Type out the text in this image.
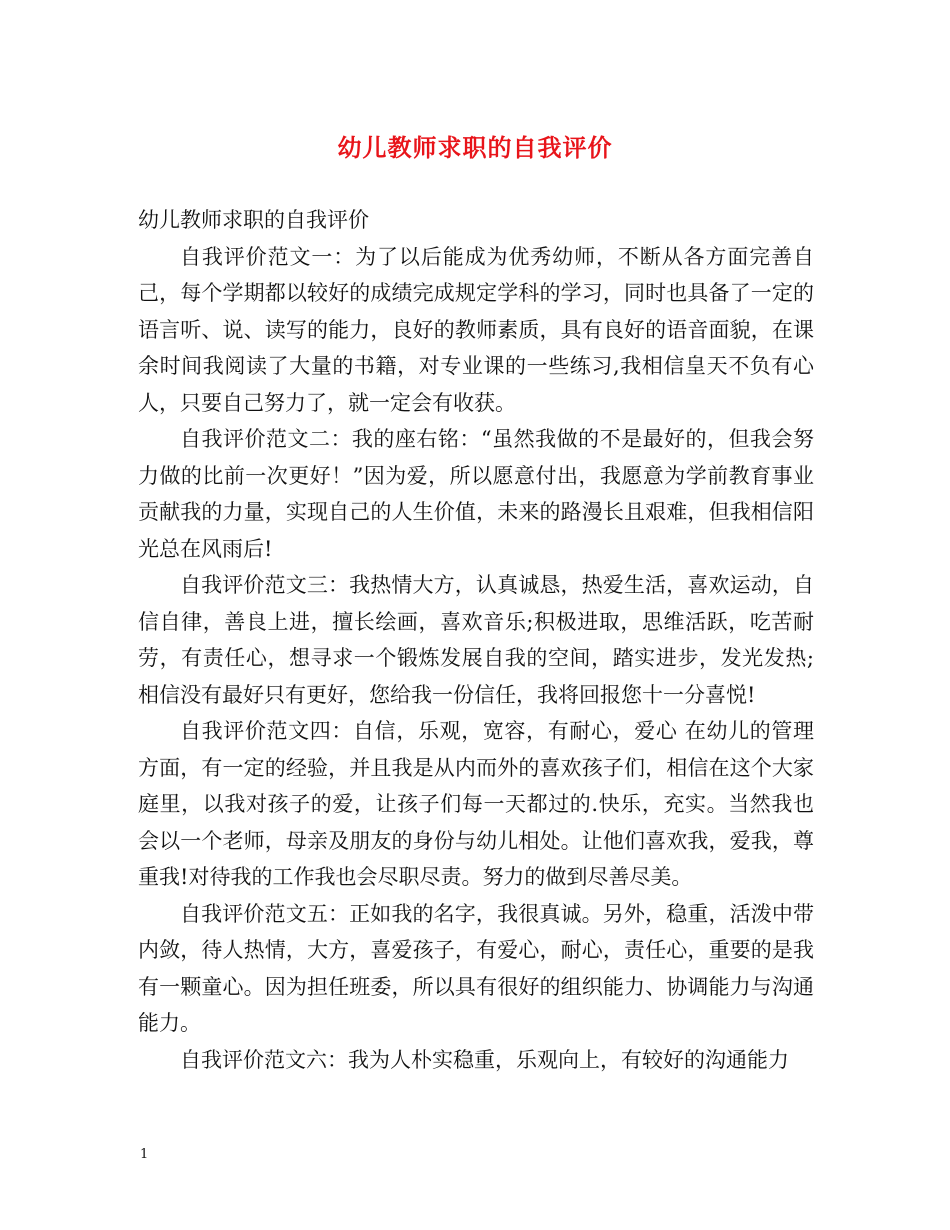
幼儿教师求职的自我评价

幼儿教师求职的自我评价

自我评价范文一：为了以后能成为优秀幼师，不断从各方面完善自己，每个学期都以较好的成绩完成规定学科的学习，同时也具备了一定的语言听、说、读写的能力，良好的教师素质，具有良好的语音面貌，在课余时间我阅读了大量的书籍，对专业课的一些练习,我相信皇天不负有心人，只要自己努力了，就一定会有收获。

自我评价范文二：我的座右铭：“虽然我做的不是最好的，但我会努力做的比前一次更好！”因为爱，所以愿意付出，我愿意为学前教育事业贡献我的力量，实现自己的人生价值，未来的路漫长且艰难，但我相信阳光总在风雨后!

自我评价范文三：我热情大方，认真诚恳，热爱生活，喜欢运动，自信自律，善良上进，擅长绘画，喜欢音乐;积极进取，思维活跃，吃苦耐劳，有责任心，想寻求一个锻炼发展自我的空间，踏实进步，发光发热;相信没有最好只有更好，您给我一份信任，我将回报您十一分喜悦!

自我评价范文四：自信，乐观，宽容，有耐心，爱心 在幼儿的管理方面，有一定的经验，并且我是从内而外的喜欢孩子们，相信在这个大家庭里，以我对孩子的爱，让孩子们每一天都过的.快乐，充实。当然我也会以一个老师，母亲及朋友的身份与幼儿相处。让他们喜欢我，爱我，尊重我!对待我的工作我也会尽职尽责。努力的做到尽善尽美。

自我评价范文五：正如我的名字，我很真诚。另外，稳重，活泼中带内敛，待人热情，大方，喜爱孩子，有爱心，耐心，责任心，重要的是我有一颗童心。因为担任班委，所以具有很好的组织能力、协调能力与沟通能力。

自我评价范文六：我为人朴实稳重，乐观向上，有较好的沟通能力

1
